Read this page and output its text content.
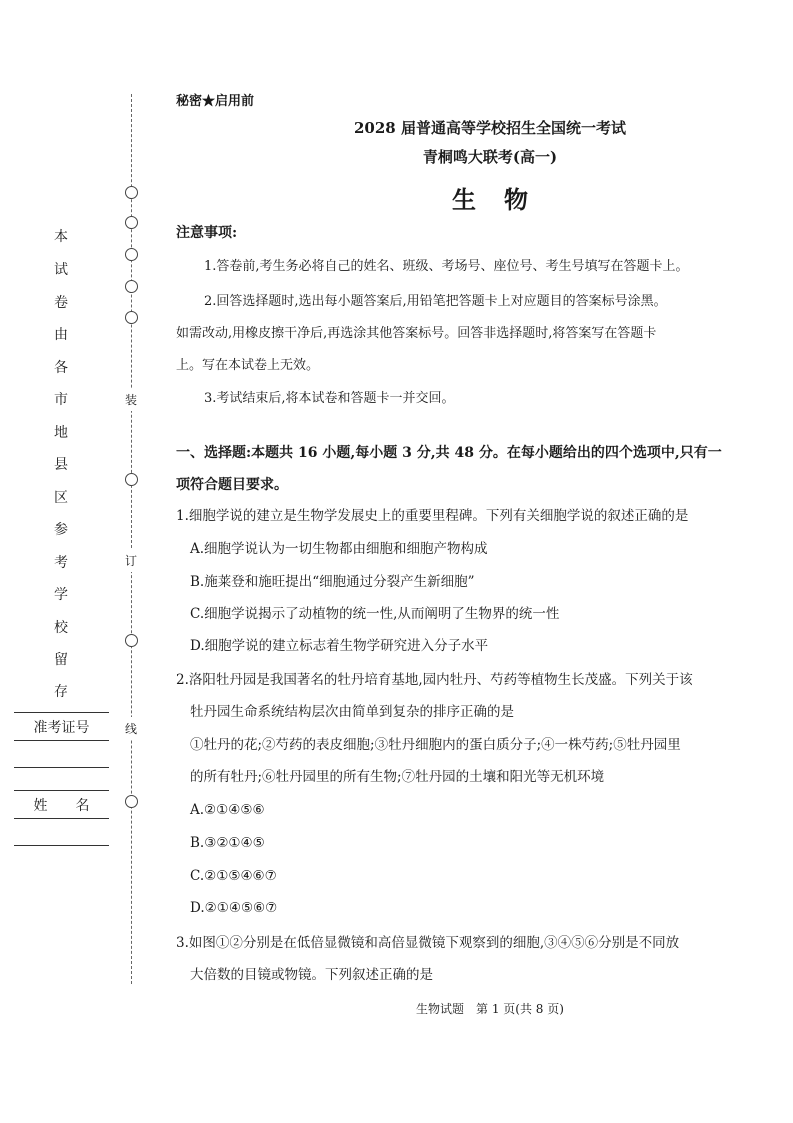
本
试
卷
由
各
市
地
县
区
参
考
学
校
留
存
准考证号
姓　　名
装
订
线
秘密★启用前
2028 届普通高等学校招生全国统一考试
青桐鸣大联考(高一)
生物
注意事项:
1.答卷前,考生务必将自己的姓名、班级、考场号、座位号、考生号填写在答题卡上。
2.回答选择题时,选出每小题答案后,用铅笔把答题卡上对应题目的答案标号涂黑。
如需改动,用橡皮擦干净后,再选涂其他答案标号。回答非选择题时,将答案写在答题卡
上。写在本试卷上无效。
3.考试结束后,将本试卷和答题卡一并交回。
一、选择题:本题共 16 小题,每小题 3 分,共 48 分。在每小题给出的四个选项中,只有一
项符合题目要求。
1.细胞学说的建立是生物学发展史上的重要里程碑。下列有关细胞学说的叙述正确的是
A.细胞学说认为一切生物都由细胞和细胞产物构成
B.施莱登和施旺提出“细胞通过分裂产生新细胞”
C.细胞学说揭示了动植物的统一性,从而阐明了生物界的统一性
D.细胞学说的建立标志着生物学研究进入分子水平
2.洛阳牡丹园是我国著名的牡丹培育基地,园内牡丹、芍药等植物生长茂盛。下列关于该
牡丹园生命系统结构层次由简单到复杂的排序正确的是
①牡丹的花;②芍药的表皮细胞;③牡丹细胞内的蛋白质分子;④一株芍药;⑤牡丹园里
的所有牡丹;⑥牡丹园里的所有生物;⑦牡丹园的土壤和阳光等无机环境
A.②①④⑤⑥
B.③②①④⑤
C.②①⑤④⑥⑦
D.②①④⑤⑥⑦
3.如图①②分别是在低倍显微镜和高倍显微镜下观察到的细胞,③④⑤⑥分别是不同放
大倍数的目镜或物镜。下列叙述正确的是
生物试题　第 1 页(共 8 页)
